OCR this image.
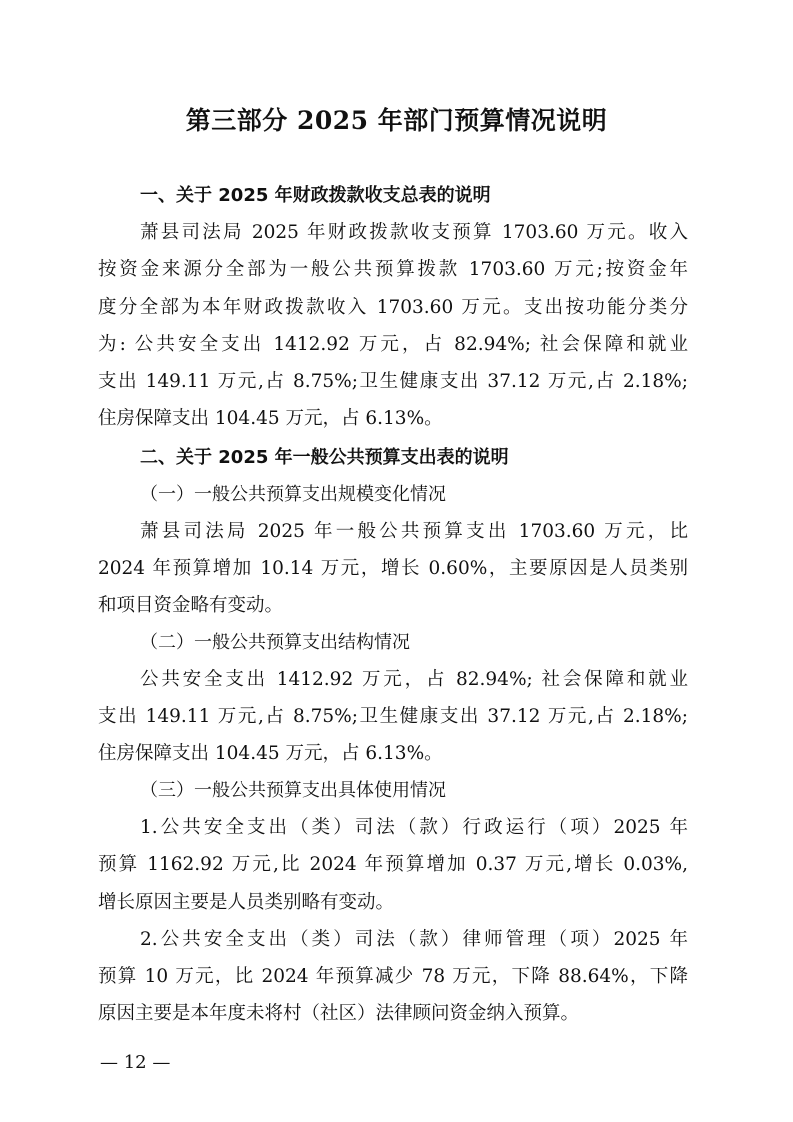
第三部分 2025 年部门预算情况说明
一、关于 2025 年财政拨款收支总表的说明
萧县司法局 2025 年财政拨款收支预算 1703.60 万元。收入
按资金来源分全部为一般公共预算拨款 1703.60 万元;按资金年
度分全部为本年财政拨款收入 1703.60 万元。支出按功能分类分
为: 公共安全支出 1412.92 万元，占 82.94%; 社会保障和就业
支出 149.11 万元,占 8.75%;卫生健康支出 37.12 万元,占 2.18%;
住房保障支出 104.45 万元，占 6.13%。
二、关于 2025 年一般公共预算支出表的说明
（一）一般公共预算支出规模变化情况
萧县司法局 2025 年一般公共预算支出 1703.60 万元，比
2024 年预算增加 10.14 万元，增长 0.60%，主要原因是人员类别
和项目资金略有变动。
（二）一般公共预算支出结构情况
公共安全支出 1412.92 万元，占 82.94%; 社会保障和就业
支出 149.11 万元,占 8.75%;卫生健康支出 37.12 万元,占 2.18%;
住房保障支出 104.45 万元，占 6.13%。
（三）一般公共预算支出具体使用情况
1.公共安全支出（类）司法（款）行政运行（项）2025 年
预算 1162.92 万元,比 2024 年预算增加 0.37 万元,增长 0.03%,
增长原因主要是人员类别略有变动。
2.公共安全支出（类）司法（款）律师管理（项）2025 年
预算 10 万元，比 2024 年预算减少 78 万元，下降 88.64%，下降
原因主要是本年度未将村（社区）法律顾问资金纳入预算。
— 12 —
